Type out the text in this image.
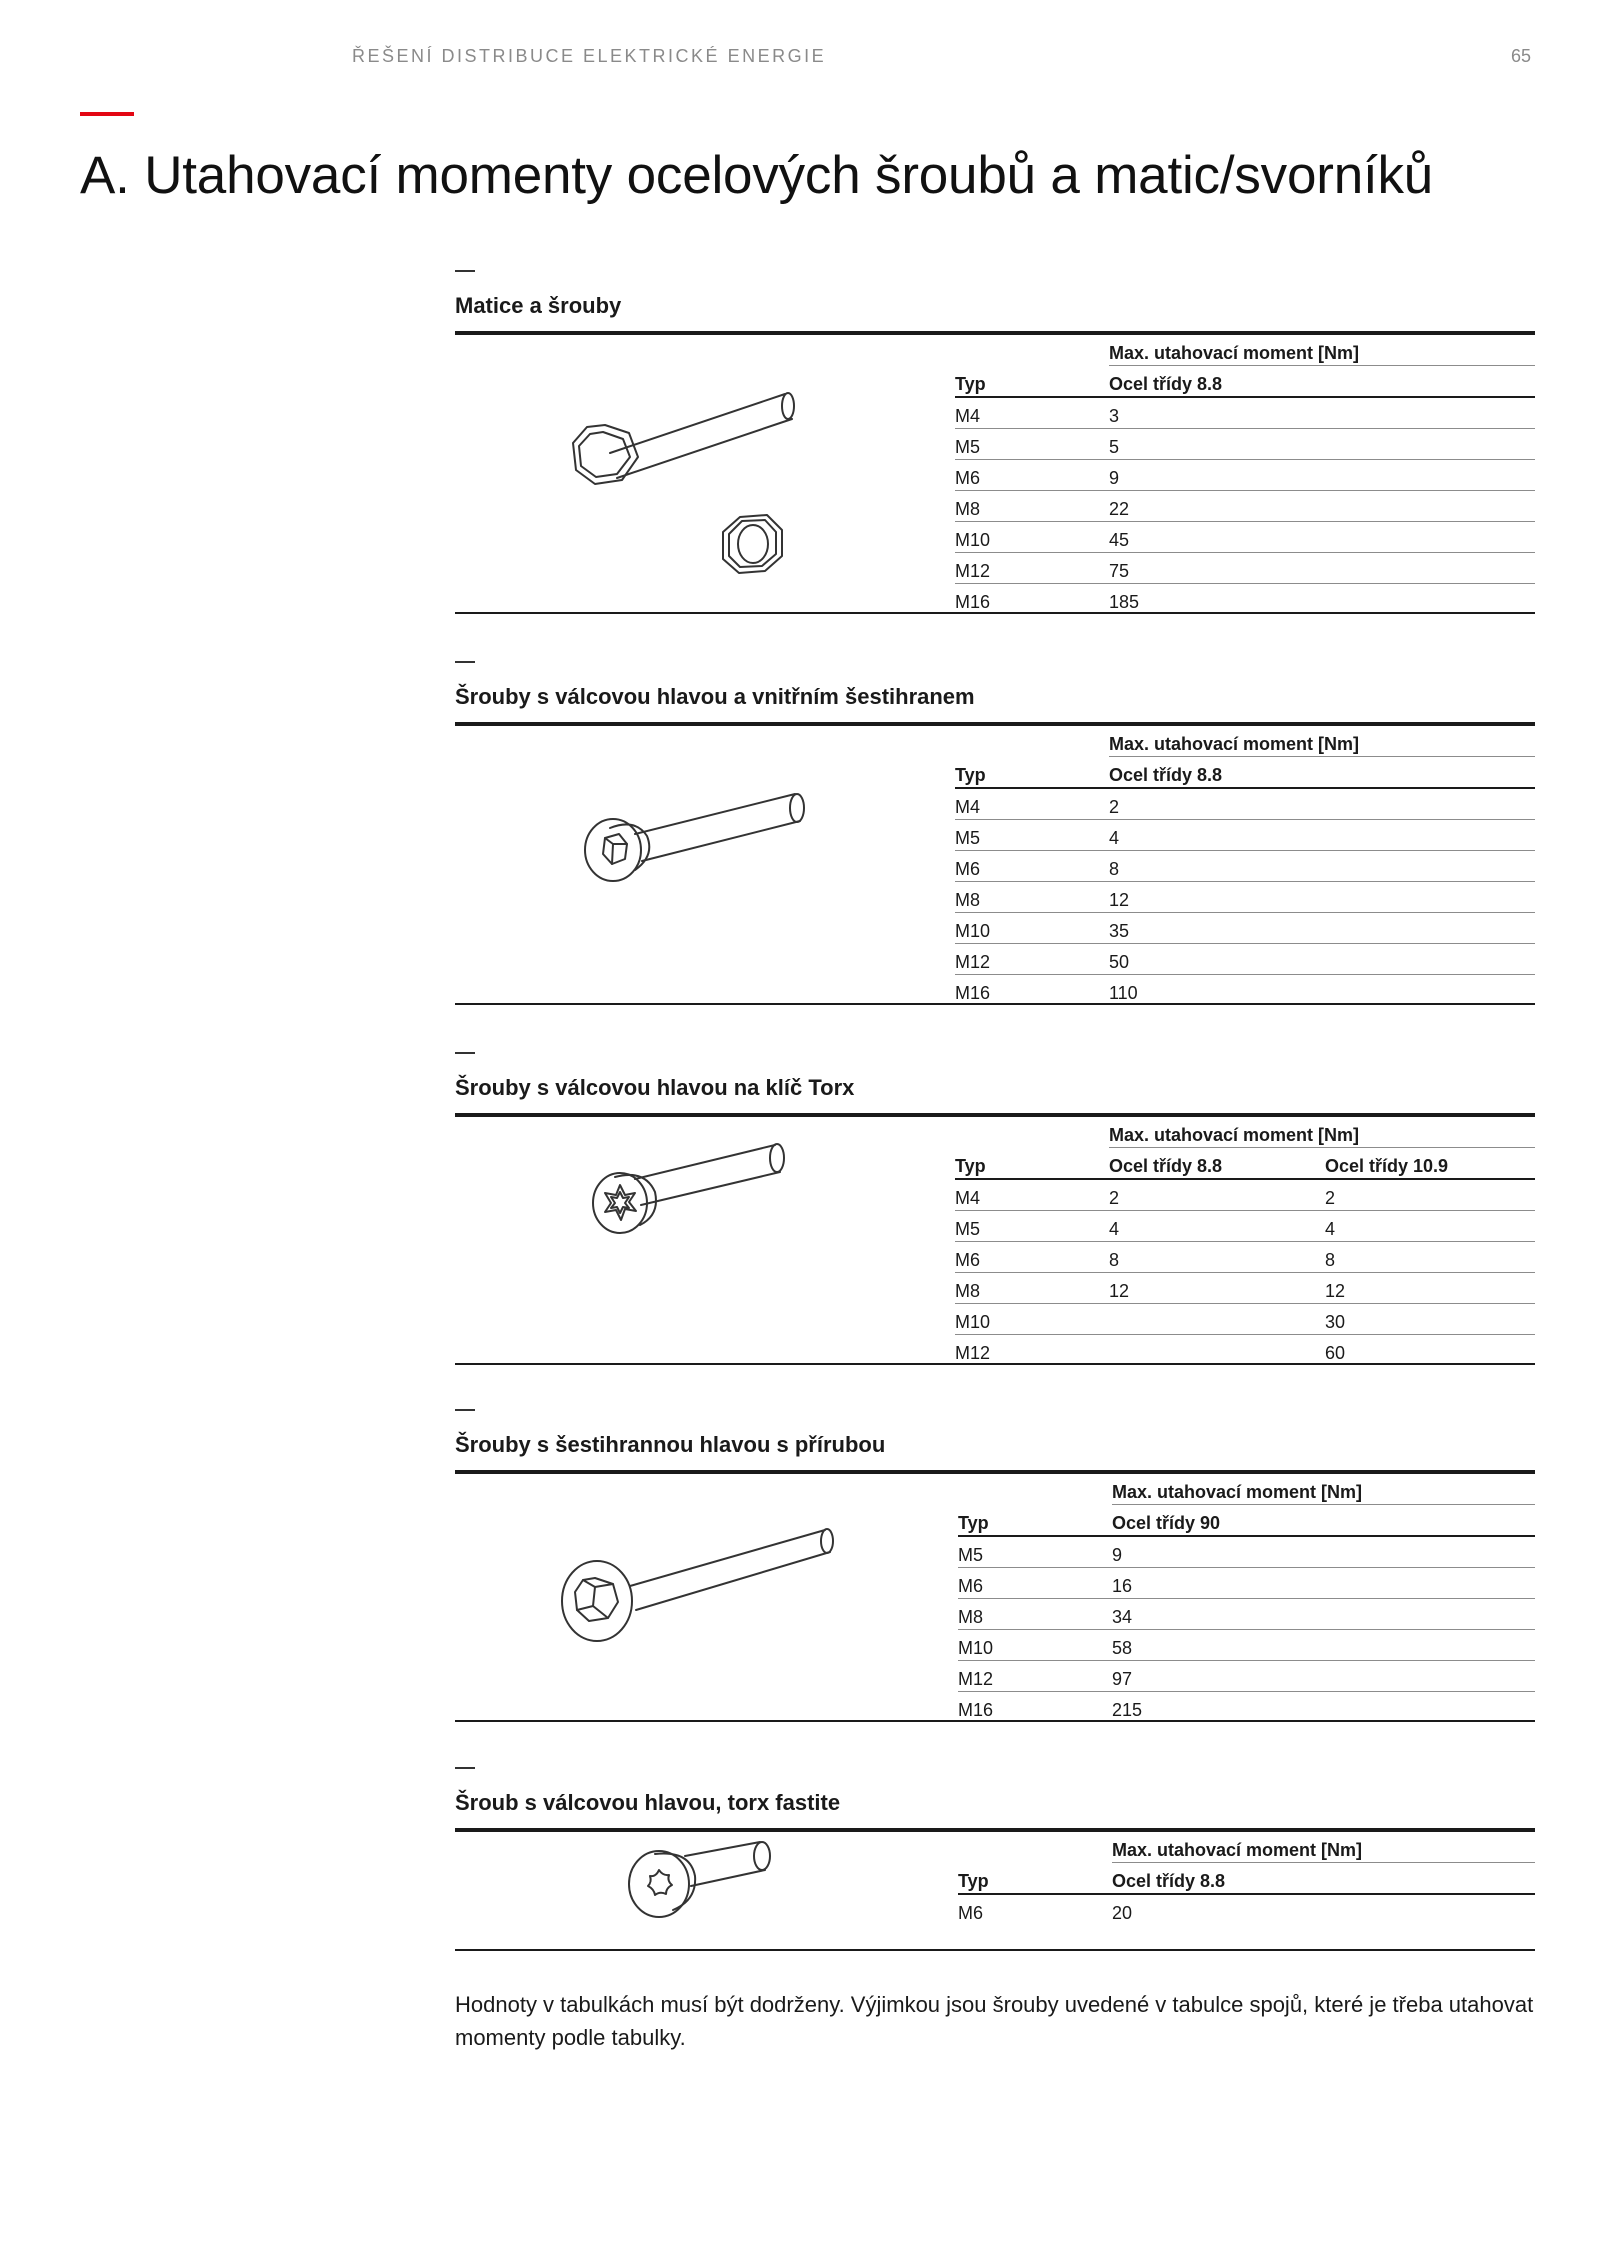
ŘEŠENÍ DISTRIBUCE ELEKTRICKÉ ENERGIE	65
A. Utahovací momenty ocelových šroubů a matic/svorníků
Matice a šrouby
	Max. utahovací moment [Nm]
Typ	Ocel třídy 8.8
M4	3
M5	5
M6	9
M8	22
M10	45
M12	75
M16	185
Šrouby s válcovou hlavou a vnitřním šestihranem
	Max. utahovací moment [Nm]
Typ	Ocel třídy 8.8
M4	2
M5	4
M6	8
M8	12
M10	35
M12	50
M16	110
Šrouby s válcovou hlavou na klíč Torx
	Max. utahovací moment [Nm]	
Typ	Ocel třídy 8.8	Ocel třídy 10.9
M4	2	2
M5	4	4
M6	8	8
M8	12	12
M10		30
M12		60
Šrouby s šestihrannou hlavou s přírubou
	Max. utahovací moment [Nm]
Typ	Ocel třídy 90
M5	9
M6	16
M8	34
M10	58
M12	97
M16	215
Šroub s válcovou hlavou, torx fastite
	Max. utahovací moment [Nm]
Typ	Ocel třídy 8.8
M6	20

Hodnoty v tabulkách musí být dodrženy. Výjimkou jsou šrouby uvedené v tabulce spojů, které je třeba utahovat momenty podle tabulky.
